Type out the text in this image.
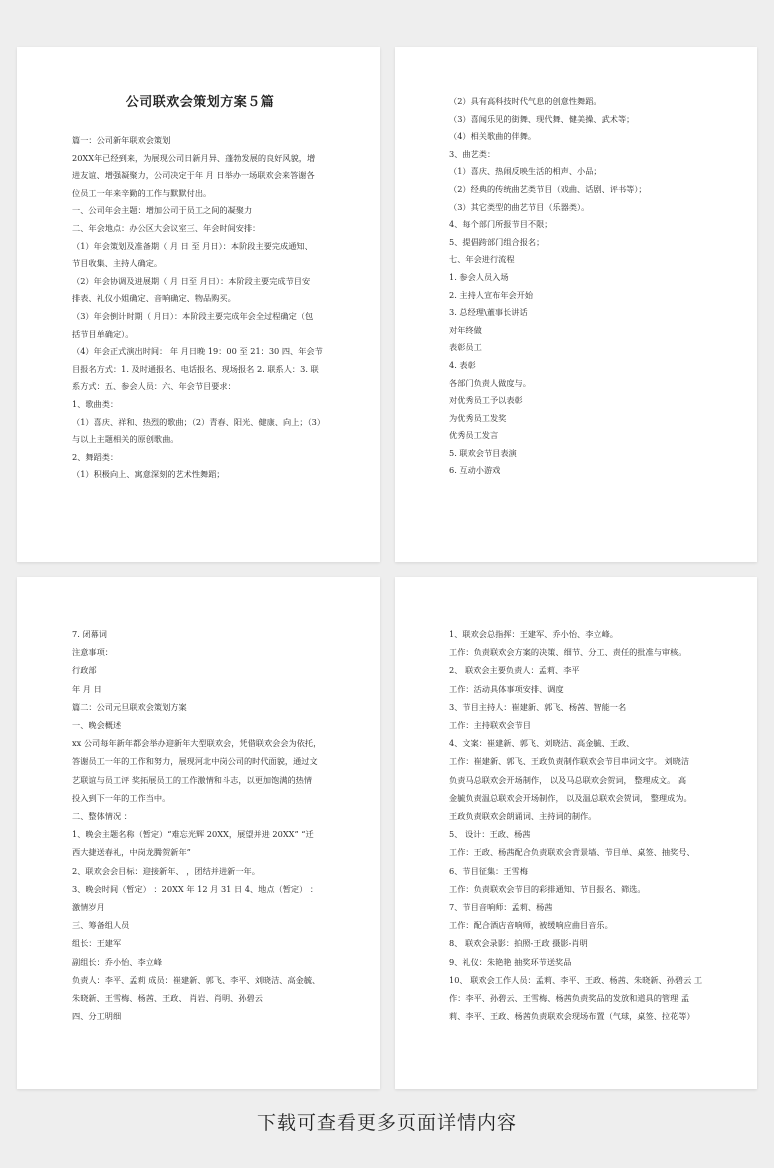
公司联欢会策划方案５篇
篇一：公司新年联欢会策划
20XX年已经到来，为展现公司日新月异、蓬勃发展的良好风貌，增
进友谊、增强凝聚力，公司决定于年 月 日举办一场联欢会来答谢各
位员工一年来辛勤的工作与默默付出。
一、公司年会主题：增加公司于员工之间的凝聚力
二、年会地点：办公区大会议室三、年会时间安排：
（1）年会策划及准备期（ 月 日 至 月日）：本阶段主要完成通知、
节目收集、主持人确定。
（2）年会协调及进展期（ 月 日至 月日）：本阶段主要完成节目安
排表、礼仪小姐确定、音响确定、物品购买。
（3）年会倒计时期（ 月日）：本阶段主要完成年会全过程确定（包
括节目单确定）。
（4）年会正式演出时间： 年 月日晚 19：00 至 21：30 四、年会节
目报名方式：1. 及时通报名、电话报名、现场报名 2. 联系人：3. 联
系方式：五、参会人员：六、年会节目要求：
1、歌曲类：
（1）喜庆、祥和、热烈的歌曲；（2）青春、阳光、健康、向上；（3）
与以上主题相关的原创歌曲。
2、舞蹈类：
（1）积极向上、寓意深刻的艺术性舞蹈；
（2）具有高科技时代气息的创意性舞蹈。
（3）喜闻乐见的街舞、现代舞、健美操、武术等；
（4）相关歌曲的伴舞。
3、曲艺类：
（1）喜庆、热闹反映生活的相声、小品；
（2）经典的传统曲艺类节目（戏曲、话剧、评书等）；
（3）其它类型的曲艺节目（乐器类）。
4、每个部门所报节目不限；
5、提倡跨部门组合报名；
七、年会进行流程
1. 参会人员入场
2. 主持人宣布年会开始
3. 总经理\董事长讲话
对年终做
表彰员工
4. 表彰
各部门负责人做度与。
对优秀员工予以表彰
为优秀员工发奖
优秀员工发言
5. 联欢会节目表演
6. 互动小游戏
7. 闭幕词
注意事项：
行政部
年 月 日
篇二：公司元旦联欢会策划方案
一、晚会概述
xx 公司每年新年都会举办迎新年大型联欢会，凭借联欢会会为依托，
答谢员工一年的工作和努力，展现河北中岗公司的时代面貌，通过文
艺联谊与员工评 奖拓展员工的工作激情和斗志，以更加饱满的热情
投入到下一年的工作当中。
二、整体情况 ：
1、晚会主题名称（暂定）“难忘光辉 20XX，展望并进 20XX” “迁
西大捷送春礼，中岗龙腾贺新年”
2、联欢会会目标：迎接新年、 ，团结并进新一年。
3、晚会时间（暂定） ：20XX 年 12 月 31 日 4、地点（暂定） ：
激情岁月
三、筹备组人员
组长：王建军
副组长：乔小怡、李立峰
负责人：李平、孟莉 成员：崔建新、郭飞、李平、刘晓洁、高金毓、
朱晓新、王雪梅、杨茜、王政、 肖岩、肖明、孙碧云
四、分工明细
1、联欢会总指挥：王建军、乔小怡、李立峰。
工作：负责联欢会方案的决策、细节、分工、责任的批准与审核。
2、 联欢会主要负责人：孟莉、李平
工作：活动具体事项安排、调度
3、节目主持人：崔建新、郭飞、杨茜、智能一名
工作：主持联欢会节目
4、文案：崔建新、郭飞、刘晓洁、高金毓、王政、
工作：崔建新、郭飞、王政负责制作联欢会节目串词文字。 刘晓洁
负责马总联欢会开场制作， 以及马总联欢会贺词， 整理成文。 高
金毓负责温总联欢会开场制作， 以及温总联欢会贺词， 整理成为。
王政负责联欢会朗诵词、主持词的制作。
5、 设计：王政、杨茜
工作：王政、杨茜配合负责联欢会背景墙、节目单、桌签、抽奖号、
6、节目征集：王雪梅
工作：负责联欢会节目的彩排通知、节目报名、筛选。
7、节目音响师：孟莉、杨茜
工作：配合酒店音响师，被缓响应曲目音乐。
8、 联欢会录影：拍照-王政 摄影-肖明
9、礼仪：朱艳艳 抽奖环节送奖品
10、 联欢会工作人员：孟莉、李平、王政、杨茜、朱晓新、孙碧云 工
作：李平、孙碧云、王雪梅、杨茜负责奖品的发放和道具的管理 孟
莉、李平、王政、杨茜负责联欢会现场布置（气球，桌签、拉花等）
下载可查看更多页面详情内容
